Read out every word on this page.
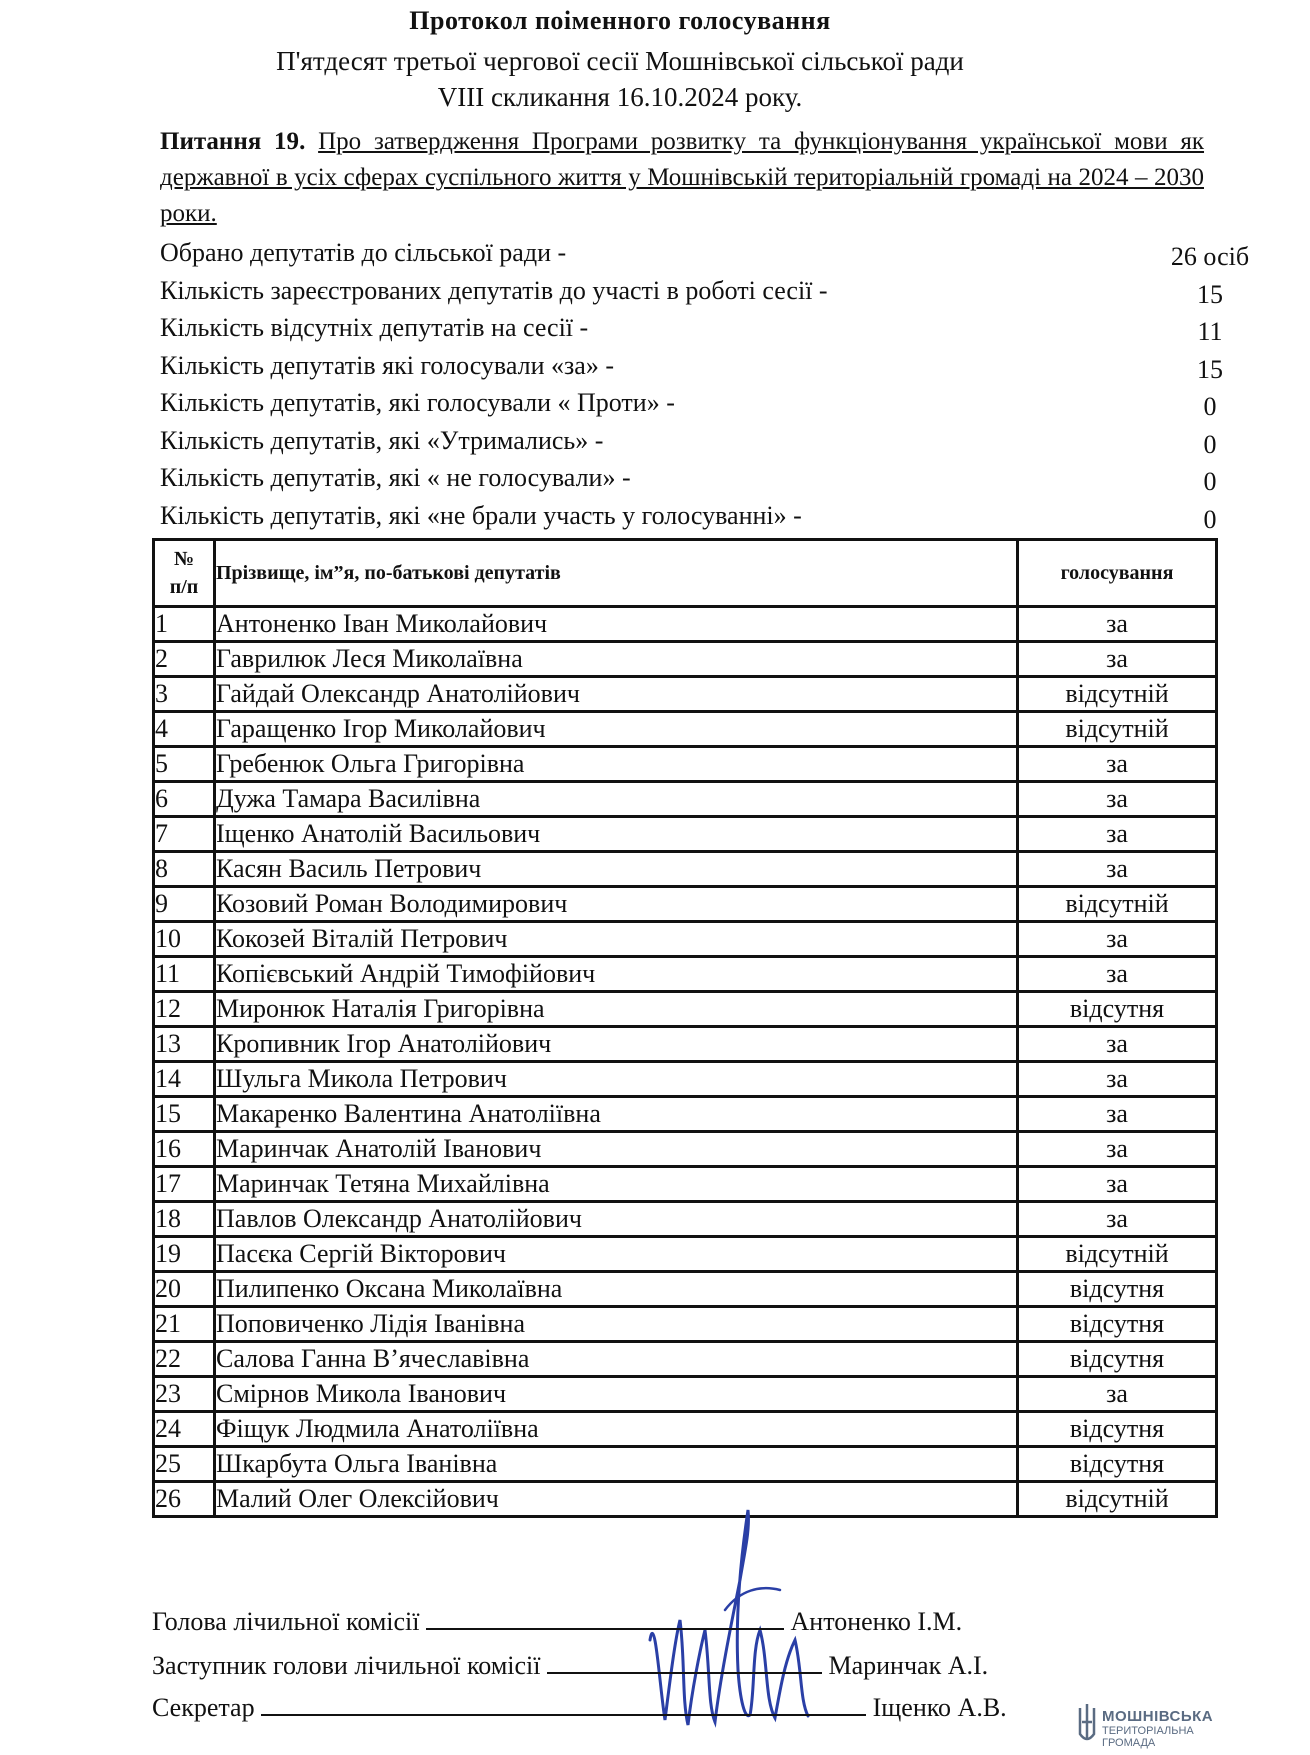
Протокол поіменного голосування
П'ятдесят третьої чергової сесії Мошнівської сільської ради
VIII скликання 16.10.2024 року.
Питання 19. Про затвердження Програми розвитку та функціонування української мови як державної в усіх сферах суспільного життя у Мошнівській територіальній громаді на 2024 – 2030 роки.
Обрано депутатів до сільської ради -	26 осіб
Кількість зареєстрованих депутатів до участі в роботі сесії -	15
Кількість відсутніх депутатів на сесії -	11
Кількість депутатів які голосували «за» -	15
Кількість депутатів, які голосували « Проти» -	0
Кількість депутатів, які «Утримались» -	0
Кількість депутатів, які « не голосували» -	0
Кількість депутатів, які «не брали участь у голосуванні» -	0
№
п/п	Прізвище, ім”я, по-батькові депутатів	голосування
1	Антоненко Іван Миколайович	за
2	Гаврилюк Леся Миколаївна	за
3	Гайдай Олександр Анатолійович	відсутній
4	Гаращенко Ігор Миколайович	відсутній
5	Гребенюк Ольга Григорівна	за
6	Дужа Тамара Василівна	за
7	Іщенко Анатолій Васильович	за
8	Касян Василь Петрович	за
9	Козовий Роман Володимирович	відсутній
10	Кокозей Віталій Петрович	за
11	Копієвський Андрій Тимофійович	за
12	Миронюк Наталія Григорівна	відсутня
13	Кропивник Ігор Анатолійович	за
14	Шульга Микола Петрович	за
15	Макаренко Валентина Анатоліївна	за
16	Маринчак Анатолій Іванович	за
17	Маринчак Тетяна Михайлівна	за
18	Павлов Олександр Анатолійович	за
19	Пасєка Сергій Вікторович	відсутній
20	Пилипенко Оксана Миколаївна	відсутня
21	Поповиченко Лідія Іванівна	відсутня
22	Салова Ганна В’ячеславівна	відсутня
23	Смірнов Микола Іванович	за
24	Фіщук Людмила Анатоліївна	відсутня
25	Шкарбута Ольга Іванівна	відсутня
26	Малий Олег Олексійович	відсутній
Голова лічильної комісії	Антоненко І.М.
Заступник голови лічильної комісії	Маринчак А.І.
Секретар	Іщенко А.В.	МОШНІВСЬКА
ТЕРИТОРІАЛЬНА
ГРОМАДА
